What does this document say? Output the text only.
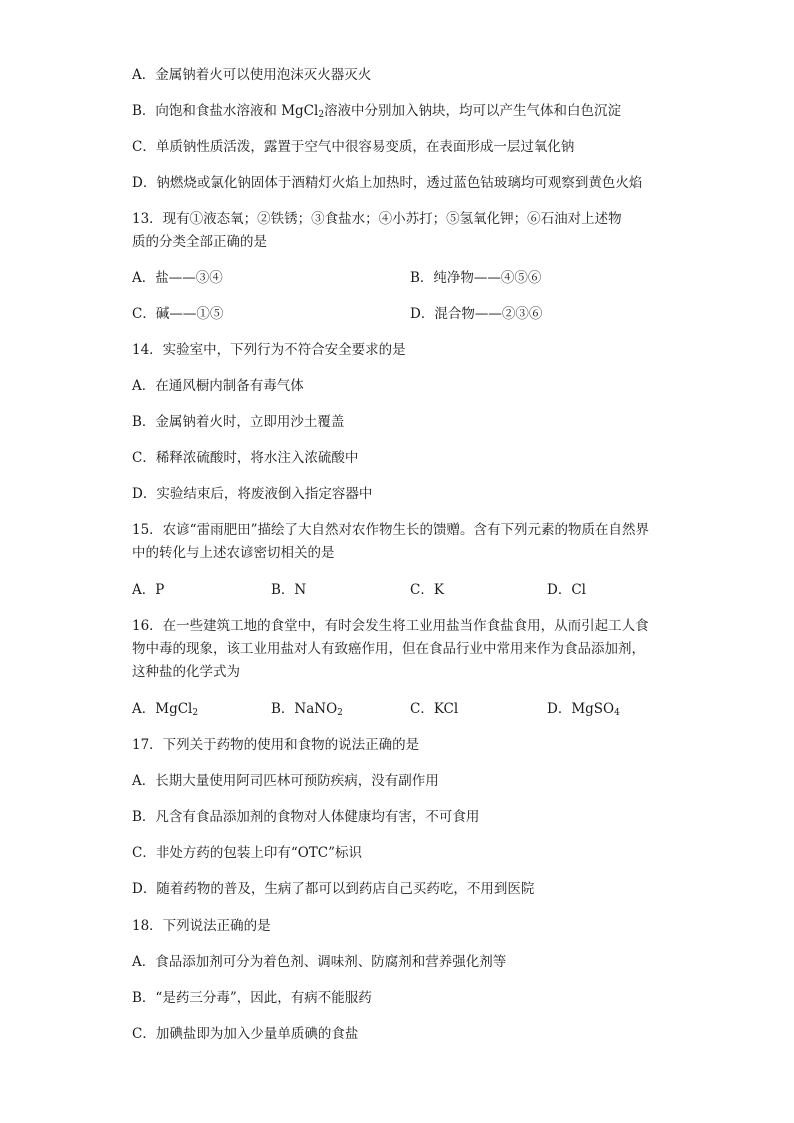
A．金属钠着火可以使用泡沫灭火器灭火
B．向饱和食盐水溶液和 MgCl$_2$溶液中分别加入钠块，均可以产生气体和白色沉淀
C．单质钠性质活泼，露置于空气中很容易变质，在表面形成一层过氧化钠
D．钠燃烧或氯化钠固体于酒精灯火焰上加热时，透过蓝色钴玻璃均可观察到黄色火焰
13．现有①液态氧；②铁锈；③食盐水；④小苏打；⑤氢氧化钾；⑥石油对上述物
质的分类全部正确的是
A．盐——③④	B．纯净物——④⑤⑥
C．碱——①⑤	D．混合物——②③⑥
14．实验室中，下列行为不符合安全要求的是
A．在通风橱内制备有毒气体
B．金属钠着火时，立即用沙土覆盖
C．稀释浓硫酸时，将水注入浓硫酸中
D．实验结束后，将废液倒入指定容器中
15．农谚“雷雨肥田”描绘了大自然对农作物生长的馈赠。含有下列元素的物质在自然界
中的转化与上述农谚密切相关的是
A．P	B．N	C．K	D．Cl
16．在一些建筑工地的食堂中，有时会发生将工业用盐当作食盐食用，从而引起工人食
物中毒的现象，该工业用盐对人有致癌作用，但在食品行业中常用来作为食品添加剂，
这种盐的化学式为
A．MgCl$_2$	B．NaNO$_2$	C．KCl	D．MgSO$_4$
17．下列关于药物的使用和食物的说法正确的是
A．长期大量使用阿司匹林可预防疾病，没有副作用
B．凡含有食品添加剂的食物对人体健康均有害，不可食用
C．非处方药的包装上印有“OTC”标识
D．随着药物的普及，生病了都可以到药店自己买药吃，不用到医院
18．下列说法正确的是
A．食品添加剂可分为着色剂、调味剂、防腐剂和营养强化剂等
B．“是药三分毒”，因此，有病不能服药
C．加碘盐即为加入少量单质碘的食盐
